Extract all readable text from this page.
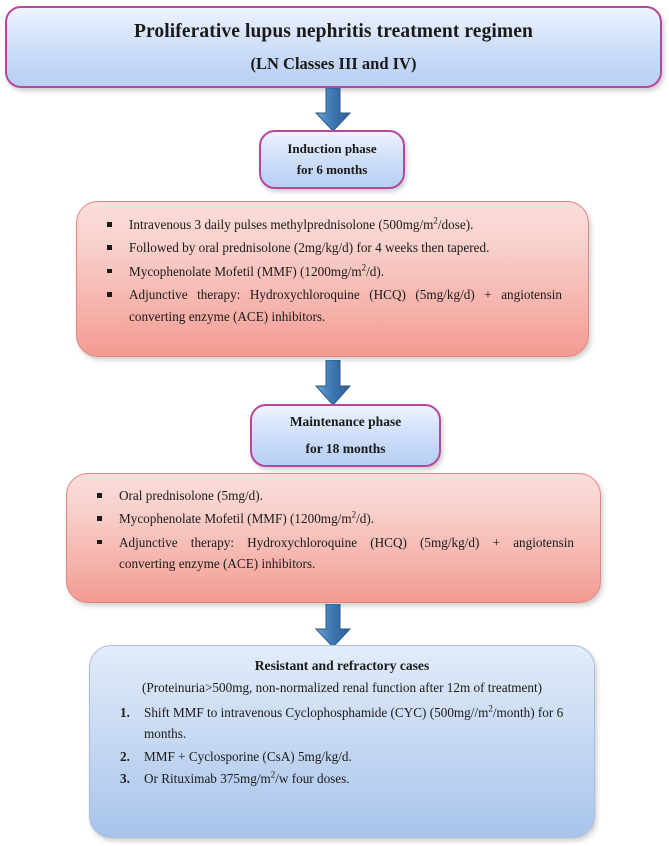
Proliferative lupus nephritis treatment regimen
(LN Classes III and IV)
Induction phase
for 6 months
Intravenous 3 daily pulses methylprednisolone $(500mg/m^2/dose)$.
Followed by oral prednisolone (2mg/kg/d) for 4 weeks then tapered.
Mycophenolate Mofetil (MMF) $(1200mg/m^2/d)$.
Adjunctive therapy: Hydroxychloroquine (HCQ) (5mg/kg/d) + angiotensin converting enzyme (ACE) inhibitors.
Maintenance phase
for 18 months
Oral prednisolone (5mg/d).
Mycophenolate Mofetil (MMF) $(1200mg/m^2/d)$.
Adjunctive therapy: Hydroxychloroquine (HCQ) (5mg/kg/d) + angiotensin converting enzyme (ACE) inhibitors.
Resistant and refractory cases
(Proteinuria>500mg, non-normalized renal function after 12m of treatment)
Shift MMF to intravenous Cyclophosphamide (CYC) $(500mg//m^2/month)$ for 6 months.
MMF + Cyclosporine (CsA) 5mg/kg/d.
Or Rituximab $375mg/m^2/w$ four doses.
